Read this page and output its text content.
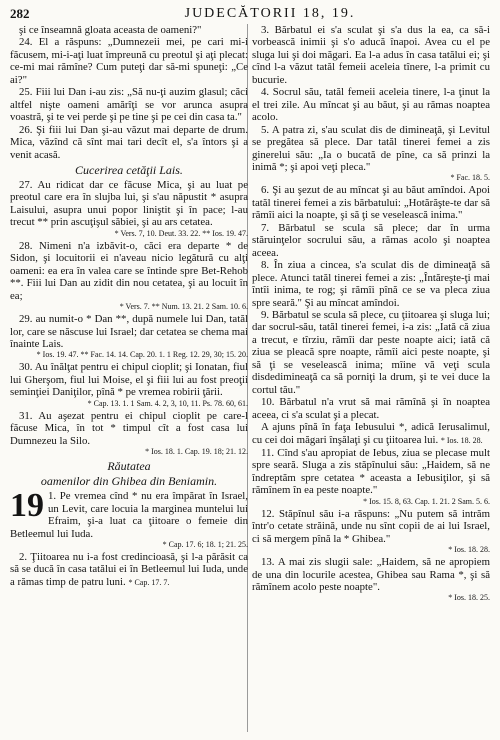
282	JUDECĂTORII 18, 19.

şi ce înseamnă gloata aceasta de oameni?"

24. El a răspuns: „Dumnezeii mei, pe cari mi-i făcusem, mi-i-aţi luat împreună cu preotul şi aţi plecat: ce-mi mai rămîne? Cum puteţi dar să-mi spuneţi: „Ce ai?"

25. Fiii lui Dan i-au zis: „Să nu-ţi auzim glasul; căci altfel nişte oameni amărîţi se vor arunca asupra voastră, şi te vei perde şi pe tine şi pe cei din casa ta."

26. Şi fiii lui Dan şi-au văzut mai departe de drum. Mica, văzînd că sînt mai tari decît el, s'a întors şi a venit acasă.

Cucerirea cetăţii Lais.

27. Au ridicat dar ce făcuse Mica, şi au luat pe preotul care era în slujba lui, şi s'au năpustit * asupra Laisului, asupra unui popor liniştit şi în pace; l-au trecut ** prin ascuţişul săbiei, şi au ars cetatea.

* Vers. 7, 10. Deut. 33. 22. ** Ios. 19. 47.

28. Nimeni n'a izbăvit-o, căci era departe * de Sidon, şi locuitorii ei n'aveau nicio legătură cu alţi oameni: ea era în valea care se întinde spre Bet-Rehob **. Fiii lui Dan au zidit din nou cetatea, şi au locuit în ea;

* Vers. 7. ** Num. 13. 21. 2 Sam. 10. 6.

29. au numit-o * Dan **, după numele lui Dan, tatăl lor, care se născuse lui Israel; dar cetatea se chema mai înainte Lais.

* Ios. 19. 47. ** Fac. 14. 14. Cap. 20. 1. 1 Reg. 12. 29, 30; 15. 20.

30. Au înălţat pentru ei chipul cioplit; şi Ionatan, fiul lui Gherşom, fiul lui Moise, el şi fiii lui au fost preoţii seminţiei Daniţilor, pînă * pe vremea robirii ţării.

* Cap. 13. 1. 1 Sam. 4. 2, 3, 10, 11. Ps. 78. 60, 61.

31. Au aşezat pentru ei chipul cioplit pe care-l făcuse Mica, în tot * timpul cît a fost casa lui Dumnezeu la Silo.

* Ios. 18. 1. Cap. 19. 18; 21. 12.

Răutatea
oamenilor din Ghibea din Beniamin.

19 1. Pe vremea cînd * nu era împărat în Israel, un Levit, care locuia la marginea muntelui lui Efraim, şi-a luat ca ţiitoare o femeie din Betleemul lui Iuda.

* Cap. 17. 6; 18. 1; 21. 25.

2. Ţiitoarea nu i-a fost credincioasă, şi l-a părăsit ca să se ducă în casa tatălui ei în Betleemul lui Iuda, unde a rămas timp de patru luni. * Cap. 17. 7.

3. Bărbatul ei s'a sculat şi s'a dus la ea, ca să-i vorbească inimii şi s'o aducă înapoi. Avea cu el pe sluga lui şi doi măgari. Ea l-a adus în casa tatălui ei; şi cînd l-a văzut tatăl femeii aceleia tînere, l-a primit cu bucurie.

4. Socrul său, tatăl femeii aceleia tinere, l-a ţinut la el trei zile. Au mîncat şi au băut, şi au rămas noaptea acolo.

5. A patra zi, s'au sculat dis de dimineaţă, şi Levitul se pregătea să plece. Dar tatăl tinerei femei a zis ginerelui său: „Ia o bucată de pîne, ca să prinzi la inimă *; şi apoi veţi pleca."

* Fac. 18. 5.

6. Şi au şezut de au mîncat şi au băut amîndoi. Apoi tatăl tinerei femei a zis bărbatului: „Hotărăşte-te dar să rămîi aici la noapte, şi să ţi se veselească inima."

7. Bărbatul se scula să plece; dar în urma stăruinţelor socrului său, a rămas acolo şi noaptea aceea.

8. În ziua a cincea, s'a sculat dis de dimineaţă să plece. Atunci tatăl tinerei femei a zis: „Întăreşte-ţi mai întîi inima, te rog; şi rămîi pînă ce se va pleca ziua spre seară." Şi au mîncat amîndoi.

9. Bărbatul se scula să plece, cu ţiitoarea şi sluga lui; dar socrul-său, tatăl tinerei femei, i-a zis: „Iată că ziua a trecut, e tîrziu, rămîi dar peste noapte aici; iată că ziua se pleacă spre noapte, rămîi aici peste noapte, şi să ţi se veselească inima; mîine vă veţi scula disdedimineaţă ca să porniţi la drum, şi te vei duce la cortul tău."

10. Bărbatul n'a vrut să mai rămînă şi în noaptea aceea, ci s'a sculat şi a plecat.

A ajuns pînă în faţa Iebusului *, adică Ierusalimul, cu cei doi măgari înşălaţi şi cu ţiitoarea lui. * Ios. 18. 28.

11. Cînd s'au apropiat de Iebus, ziua se plecase mult spre seară. Sluga a zis stăpînului său: „Haidem, să ne îndreptăm spre cetatea * aceasta a Iebusiţilor, şi să rămînem în ea peste noapte."

* Ios. 15. 8, 63. Cap. 1. 21. 2 Sam. 5. 6.

12. Stăpînul său i-a răspuns: „Nu putem să intrăm într'o cetate străină, unde nu sînt copii de ai lui Israel, ci să mergem pînă la * Ghibea."

* Ios. 18. 28.

13. A mai zis slugii sale: „Haidem, să ne apropiem de una din locurile acestea, Ghibea sau Rama *, şi să rămînem acolo peste noapte".

* Ios. 18. 25.
